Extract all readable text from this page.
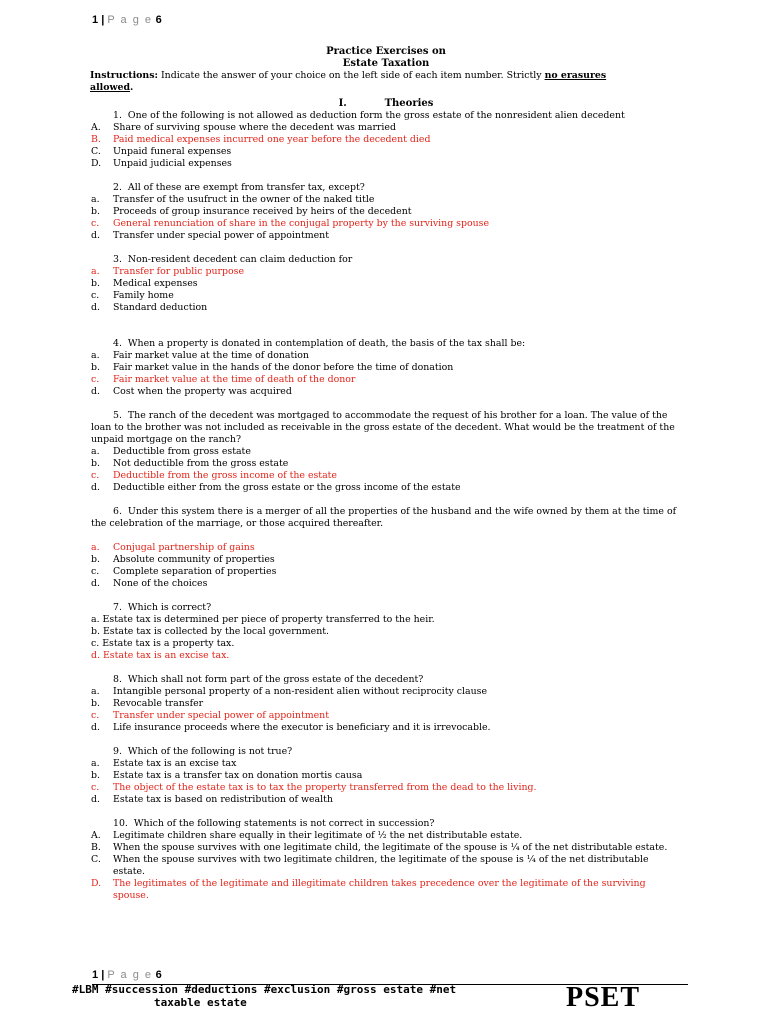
1 | P a g e 6
Practice Exercises on
Estate Taxation
Instructions: Indicate the answer of your choice on the left side of each item number. Strictly no erasures
allowed.
I.	Theories
1. One of the following is not allowed as deduction form the gross estate of the nonresident alien decedent
A.	Share of surviving spouse where the decedent was married
B.	Paid medical expenses incurred one year before the decedent died
C.	Unpaid funeral expenses
D.	Unpaid judicial expenses
2. All of these are exempt from transfer tax, except?
a.	Transfer of the usufruct in the owner of the naked title
b.	Proceeds of group insurance received by heirs of the decedent
c.	General renunciation of share in the conjugal property by the surviving spouse
d.	Transfer under special power of appointment
3. Non-resident decedent can claim deduction for
a.	Transfer for public purpose
b.	Medical expenses
c.	Family home
d.	Standard deduction
4. When a property is donated in contemplation of death, the basis of the tax shall be:
a.	Fair market value at the time of donation
b.	Fair market value in the hands of the donor before the time of donation
c.	Fair market value at the time of death of the donor
d.	Cost when the property was acquired
5. The ranch of the decedent was mortgaged to accommodate the request of his brother for a loan. The value of the loan to the brother was not included as receivable in the gross estate of the decedent. What would be the treatment of the unpaid mortgage on the ranch?
a.	Deductible from gross estate
b.	Not deductible from the gross estate
c.	Deductible from the gross income of the estate
d.	Deductible either from the gross estate or the gross income of the estate
6. Under this system there is a merger of all the properties of the husband and the wife owned by them at the time of the celebration of the marriage, or those acquired thereafter.
a.	Conjugal partnership of gains
b.	Absolute community of properties
c.	Complete separation of properties
d.	None of the choices
7. Which is correct?
a. Estate tax is determined per piece of property transferred to the heir.
b. Estate tax is collected by the local government.
c. Estate tax is a property tax.
d. Estate tax is an excise tax.
8. Which shall not form part of the gross estate of the decedent?
a.	Intangible personal property of a non-resident alien without reciprocity clause
b.	Revocable transfer
c.	Transfer under special power of appointment
d.	Life insurance proceeds where the executor is beneficiary and it is irrevocable.
9. Which of the following is not true?
a.	Estate tax is an excise tax
b.	Estate tax is a transfer tax on donation mortis causa
c.	The object of the estate tax is to tax the property transferred from the dead to the living.
d.	Estate tax is based on redistribution of wealth
10. Which of the following statements is not correct in succession?
A.	Legitimate children share equally in their legitimate of ½ the net distributable estate.
B.	When the spouse survives with one legitimate child, the legitimate of the spouse is ¼ of the net distributable estate.
C.	When the spouse survives with two legitimate children, the legitimate of the spouse is ¼ of the net distributable estate.
D.	The legitimates of the legitimate and illegitimate children takes precedence over the legitimate of the surviving spouse.
1 | P a g e 6
#LBM #succession #deductions #exclusion #gross estate #net
taxable estate	PSET
